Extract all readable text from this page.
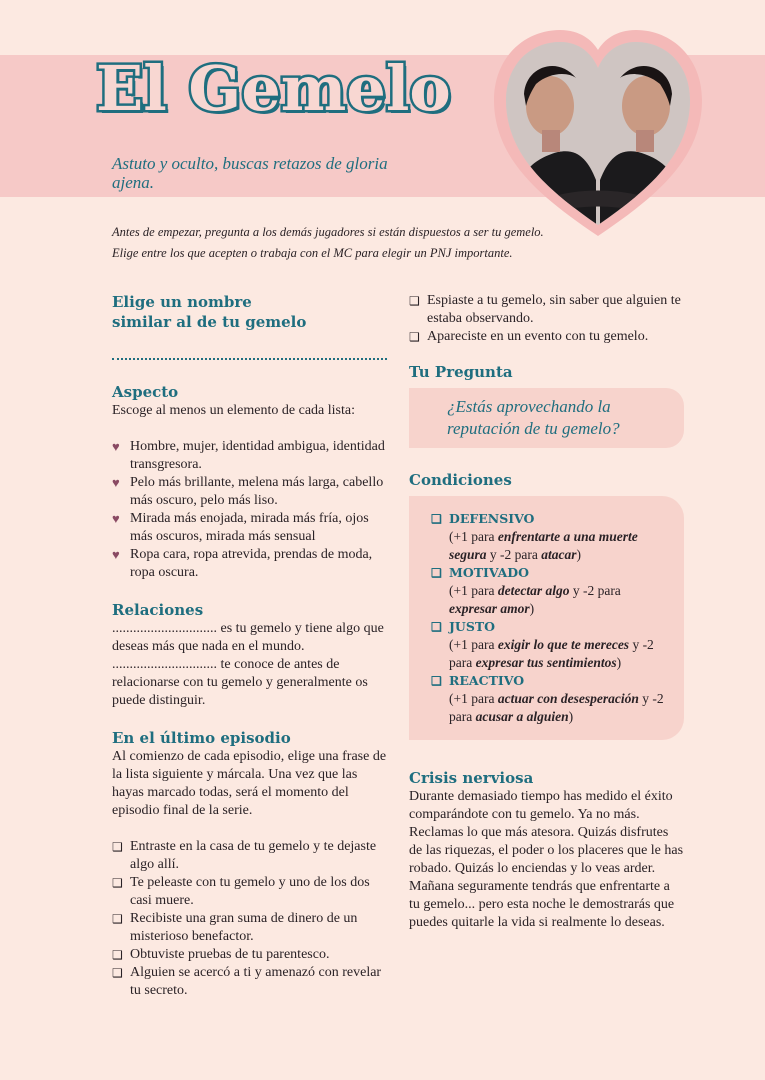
El Gemelo
Astuto y oculto, buscas retazos de gloria ajena.

Antes de empezar, pregunta a los demás jugadores si están dispuestos a ser tu gemelo. Elige entre los que acepten o trabaja con el MC para elegir un PNJ importante.

Elige un nombre similar al de tu gemelo
Aspecto

Escoge al menos un elemento de cada lista:

♥ Hombre, mujer, identidad ambigua, identidad transgresora.
♥ Pelo más brillante, melena más larga, cabello más oscuro, pelo más liso.
♥ Mirada más enojada, mirada más fría, ojos más oscuros, mirada más sensual
♥ Ropa cara, ropa atrevida, prendas de moda, ropa oscura.
Relaciones

.............................. es tu gemelo y tiene algo que deseas más que nada en el mundo.

.............................. te conoce de antes de relacionarse con tu gemelo y generalmente os puede distinguir.

En el último episodio

Al comienzo de cada episodio, elige una frase de la lista siguiente y márcala. Una vez que las hayas marcado todas, será el momento del episodio final de la serie.

❑ Entraste en la casa de tu gemelo y te dejaste algo allí.
❑ Te peleaste con tu gemelo y uno de los dos casi muere.
❑ Recibiste una gran suma de dinero de un misterioso benefactor.
❑ Obtuviste pruebas de tu parentesco.
❑ Alguien se acercó a ti y amenazó con revelar tu secreto.
❑ Espiaste a tu gemelo, sin saber que alguien te estaba observando.
❑ Apareciste en un evento con tu gemelo.
Tu Pregunta
¿Estás aprovechando la reputación de tu gemelo?
Condiciones
❑ DEFENSIVO
(+1 para enfrentarte a una muerte segura y -2 para atacar)
❑ MOTIVADO
(+1 para detectar algo y -2 para expresar amor)
❑ JUSTO
(+1 para exigir lo que te mereces y -2 para expresar tus sentimientos)
❑ REACTIVO
(+1 para actuar con desesperación y -2 para acusar a alguien)
Crisis nerviosa

Durante demasiado tiempo has medido el éxito comparándote con tu gemelo. Ya no más. Reclamas lo que más atesora. Quizás disfrutes de las riquezas, el poder o los placeres que le has robado. Quizás lo enciendas y lo veas arder. Mañana seguramente tendrás que enfrentarte a tu gemelo... pero esta noche le demostrarás que puedes quitarle la vida si realmente lo deseas.
